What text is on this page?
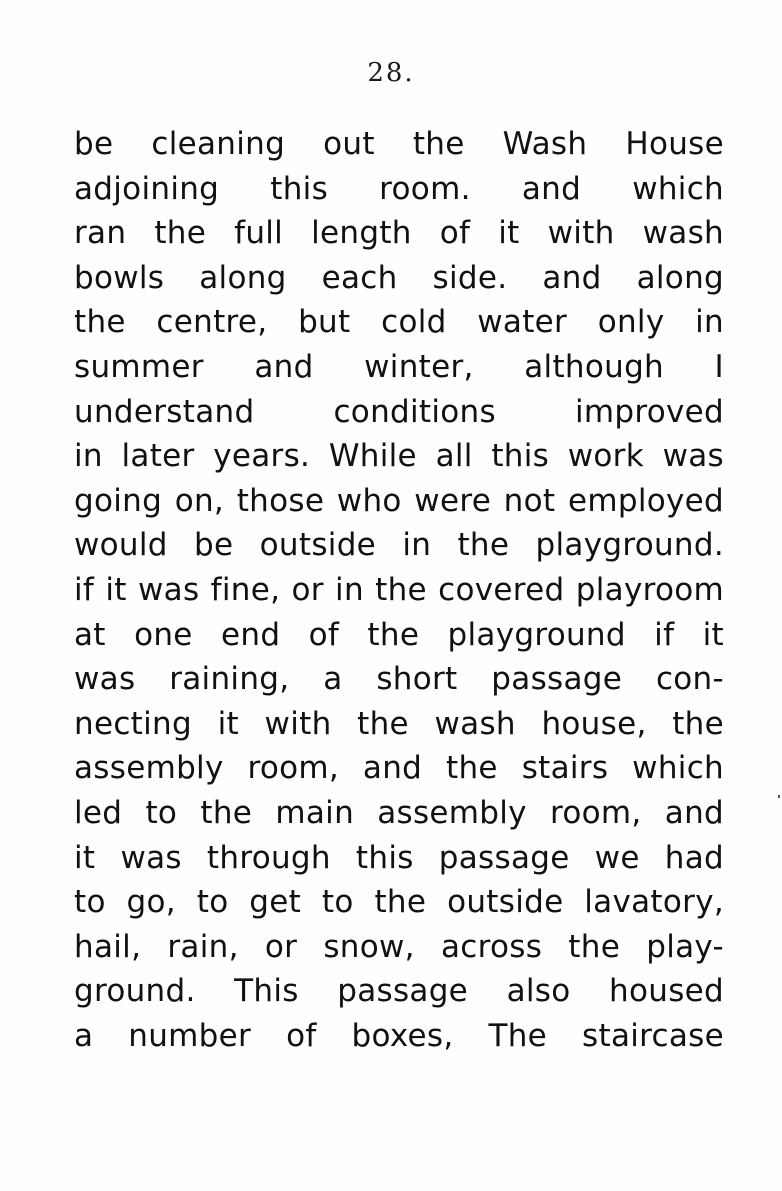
28.
be cleaning out the Wash House
adjoining this room. and which
ran the full length of it with wash
bowls along each side. and along
the centre, but cold water only in
summer and winter, although I
understand conditions improved
in later years. While all this work was
going on, those who were not employed
would be outside in the playground.
if it was fine, or in the covered playroom
at one end of the playground if it
was raining, a short passage con-
necting it with the wash house, the
assembly room, and the stairs which
led to the main assembly room, and
it was through this passage we had
to go, to get to the outside lavatory,
hail, rain, or snow, across the play-
ground. This passage also housed
a number of boxes, The staircase
